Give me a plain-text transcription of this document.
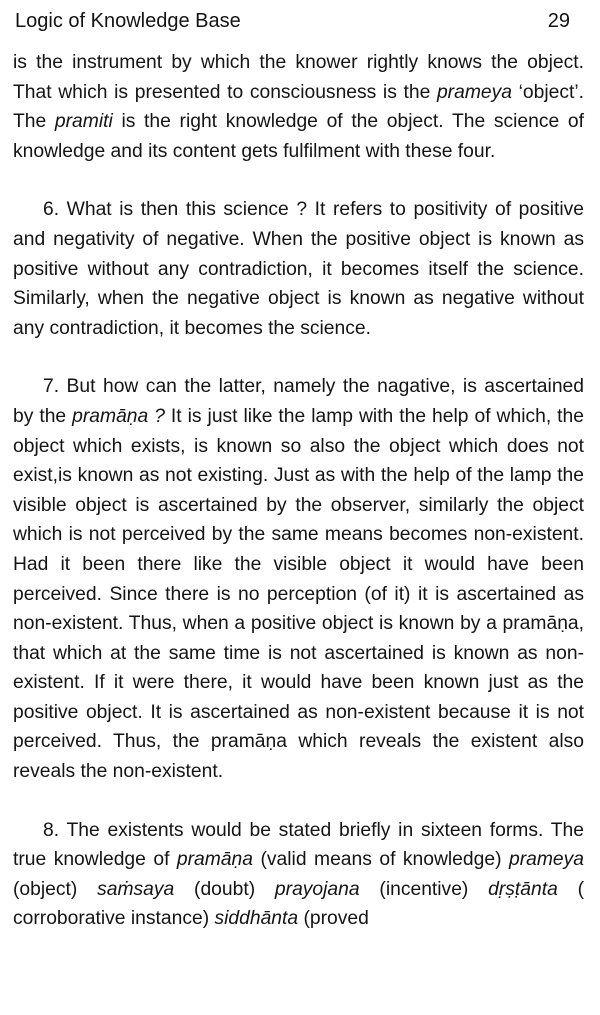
Logic of Knowledge Base	29

is the instrument by which the knower rightly knows the object. That which is presented to consciousness is the prameya ‘object’. The pramiti is the right knowledge of the object. The science of knowledge and its content gets fulfilment with these four.

6. What is then this science ? It refers to positivity of positive and negativity of negative. When the positive object is known as positive without any contradiction, it becomes itself the science. Similarly, when the negative object is known as negative without any contradiction, it becomes the science.

7. But how can the latter, namely the nagative, is ascertained by the pramāṇa ? It is just like the lamp with the help of which, the object which exists, is known so also the object which does not exist,is known as not existing. Just as with the help of the lamp the visible object is ascertained by the observer, similarly the object which is not perceived by the same means becomes non-existent. Had it been there like the visible object it would have been perceived. Since there is no perception (of it) it is ascertained as non-existent. Thus, when a positive object is known by a pramāṇa, that which at the same time is not ascertained is known as non-existent. If it were there, it would have been known just as the positive object. It is ascertained as non-existent because it is not perceived. Thus, the pramāṇa which reveals the existent also reveals the non-existent.

8. The existents would be stated briefly in sixteen forms. The true knowledge of pramāṇa (valid means of knowledge) prameya (object) saṁsaya (doubt) prayojana (incentive) dṛṣṭānta ( corroborative instance) siddhānta (proved
